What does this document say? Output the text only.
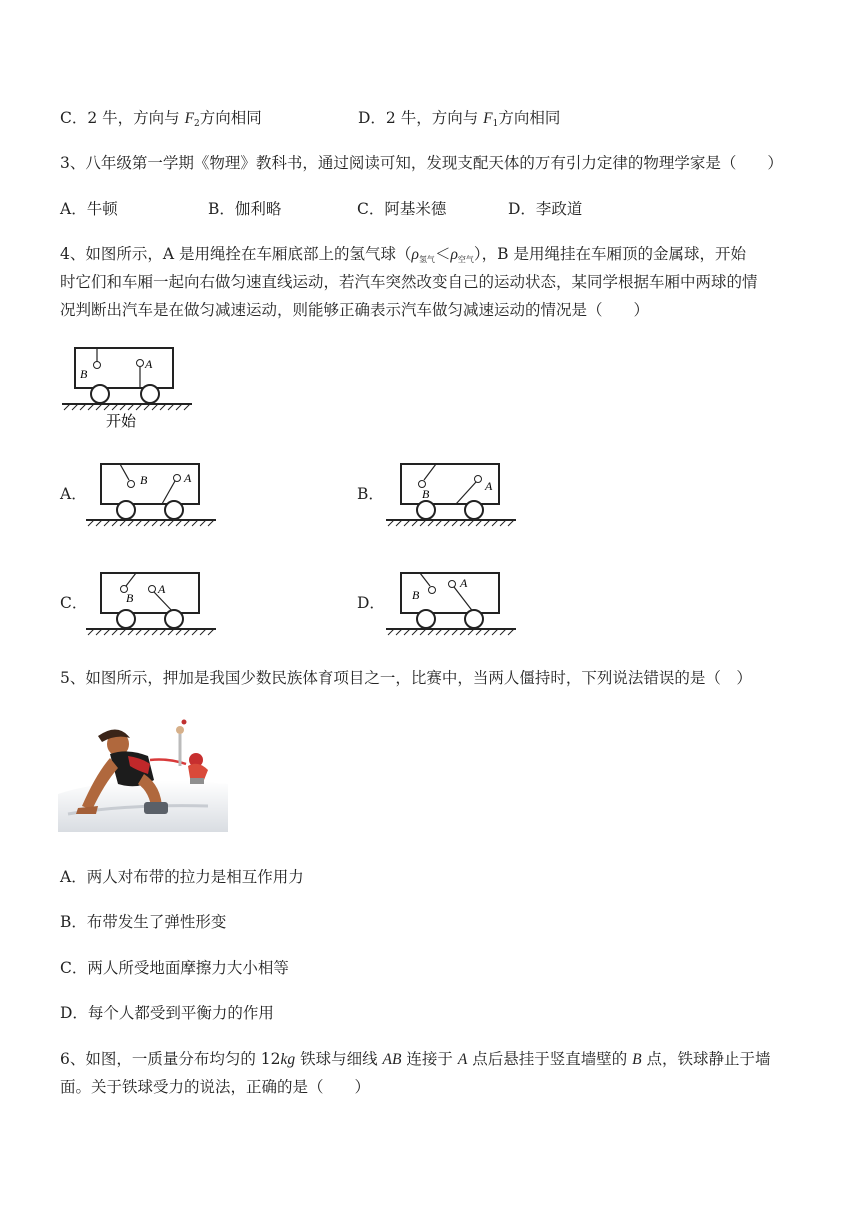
C．2 牛，方向与 $F_2$方向相同	D．2 牛，方向与 $F_1$方向相同
3、八年级第一学期《物理》教科书，通过阅读可知，发现支配天体的万有引力定律的物理学家是（　　）
A．牛顿	B．伽利略	C．阿基米德	D．李政道
4、如图所示，A 是用绳拴在车厢底部上的氢气球（ρ氢气＜ρ空气），B 是用绳挂在车厢顶的金属球，开始
时它们和车厢一起向右做匀速直线运动，若汽车突然改变自己的运动状态，某同学根据车厢中两球的情
况判断出汽车是在做匀减速运动，则能够正确表示汽车做匀减速运动的情况是（　　）
A
B
开始
A．
B	A
B．	B
A
C．	B
A
D． B
A
5、如图所示，押加是我国少数民族体育项目之一，比赛中，当两人僵持时，下列说法错误的是（　）
A．两人对布带的拉力是相互作用力
B．布带发生了弹性形变
C．两人所受地面摩擦力大小相等
D．每个人都受到平衡力的作用
6、如图，一质量分布均匀的 12kg 铁球与细线 AB 连接于 A 点后悬挂于竖直墙壁的 B 点，铁球静止于墙
面。关于铁球受力的说法，正确的是（　　）
